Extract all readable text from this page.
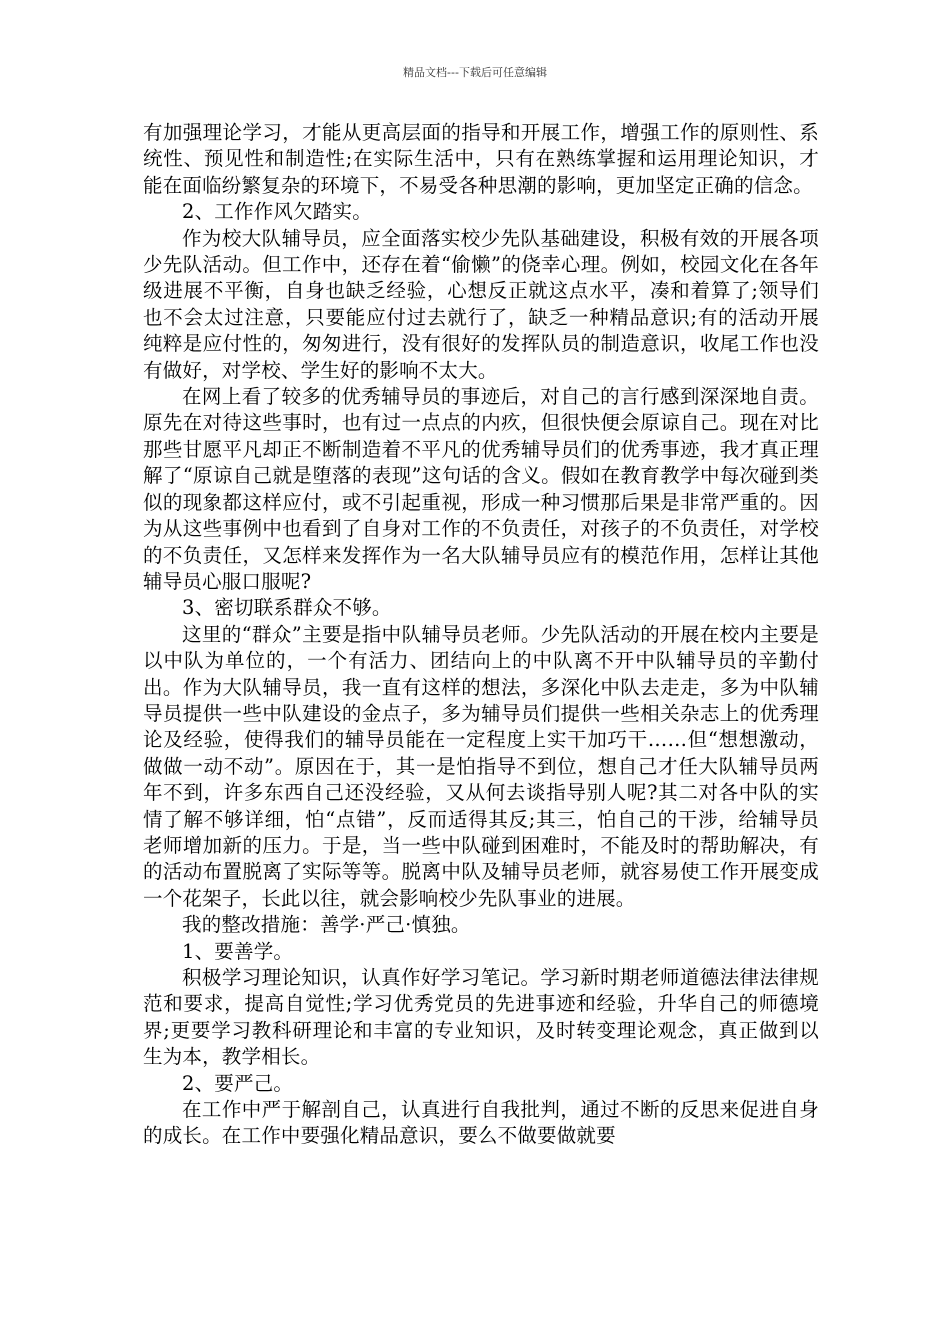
精品文档---下载后可任意编辑

有加强理论学习，才能从更高层面的指导和开展工作，增强工作的原则性、系统性、预见性和制造性;在实际生活中，只有在熟练掌握和运用理论知识，才能在面临纷繁复杂的环境下，不易受各种思潮的影响，更加坚定正确的信念。

2、工作作风欠踏实。

作为校大队辅导员，应全面落实校少先队基础建设，积极有效的开展各项少先队活动。但工作中，还存在着“偷懒”的侥幸心理。例如，校园文化在各年级进展不平衡，自身也缺乏经验，心想反正就这点水平，凑和着算了;领导们也不会太过注意，只要能应付过去就行了，缺乏一种精品意识;有的活动开展纯粹是应付性的，匆匆进行，没有很好的发挥队员的制造意识，收尾工作也没有做好，对学校、学生好的影响不太大。

在网上看了较多的优秀辅导员的事迹后，对自己的言行感到深深地自责。原先在对待这些事时，也有过一点点的内疚，但很快便会原谅自己。现在对比那些甘愿平凡却正不断制造着不平凡的优秀辅导员们的优秀事迹，我才真正理解了“原谅自己就是堕落的表现”这句话的含义。假如在教育教学中每次碰到类似的现象都这样应付，或不引起重视，形成一种习惯那后果是非常严重的。因为从这些事例中也看到了自身对工作的不负责任，对孩子的不负责任，对学校的不负责任，又怎样来发挥作为一名大队辅导员应有的模范作用，怎样让其他辅导员心服口服呢?

3、密切联系群众不够。

这里的“群众”主要是指中队辅导员老师。少先队活动的开展在校内主要是以中队为单位的，一个有活力、团结向上的中队离不开中队辅导员的辛勤付出。作为大队辅导员，我一直有这样的想法，多深化中队去走走，多为中队辅导员提供一些中队建设的金点子，多为辅导员们提供一些相关杂志上的优秀理论及经验，使得我们的辅导员能在一定程度上实干加巧干……但“想想激动，做做一动不动”。原因在于，其一是怕指导不到位，想自己才任大队辅导员两年不到，许多东西自己还没经验，又从何去谈指导别人呢?其二对各中队的实情了解不够详细，怕“点错”，反而适得其反;其三，怕自己的干涉，给辅导员老师增加新的压力。于是，当一些中队碰到困难时，不能及时的帮助解决，有的活动布置脱离了实际等等。脱离中队及辅导员老师，就容易使工作开展变成一个花架子，长此以往，就会影响校少先队事业的进展。

我的整改措施：善学·严己·慎独。

1、要善学。

积极学习理论知识，认真作好学习笔记。学习新时期老师道德法律法律规范和要求，提高自觉性;学习优秀党员的先进事迹和经验，升华自己的师德境界;更要学习教科研理论和丰富的专业知识，及时转变理论观念，真正做到以生为本，教学相长。

2、要严己。

在工作中严于解剖自己，认真进行自我批判，通过不断的反思来促进自身的成长。在工作中要强化精品意识，要么不做要做就要
